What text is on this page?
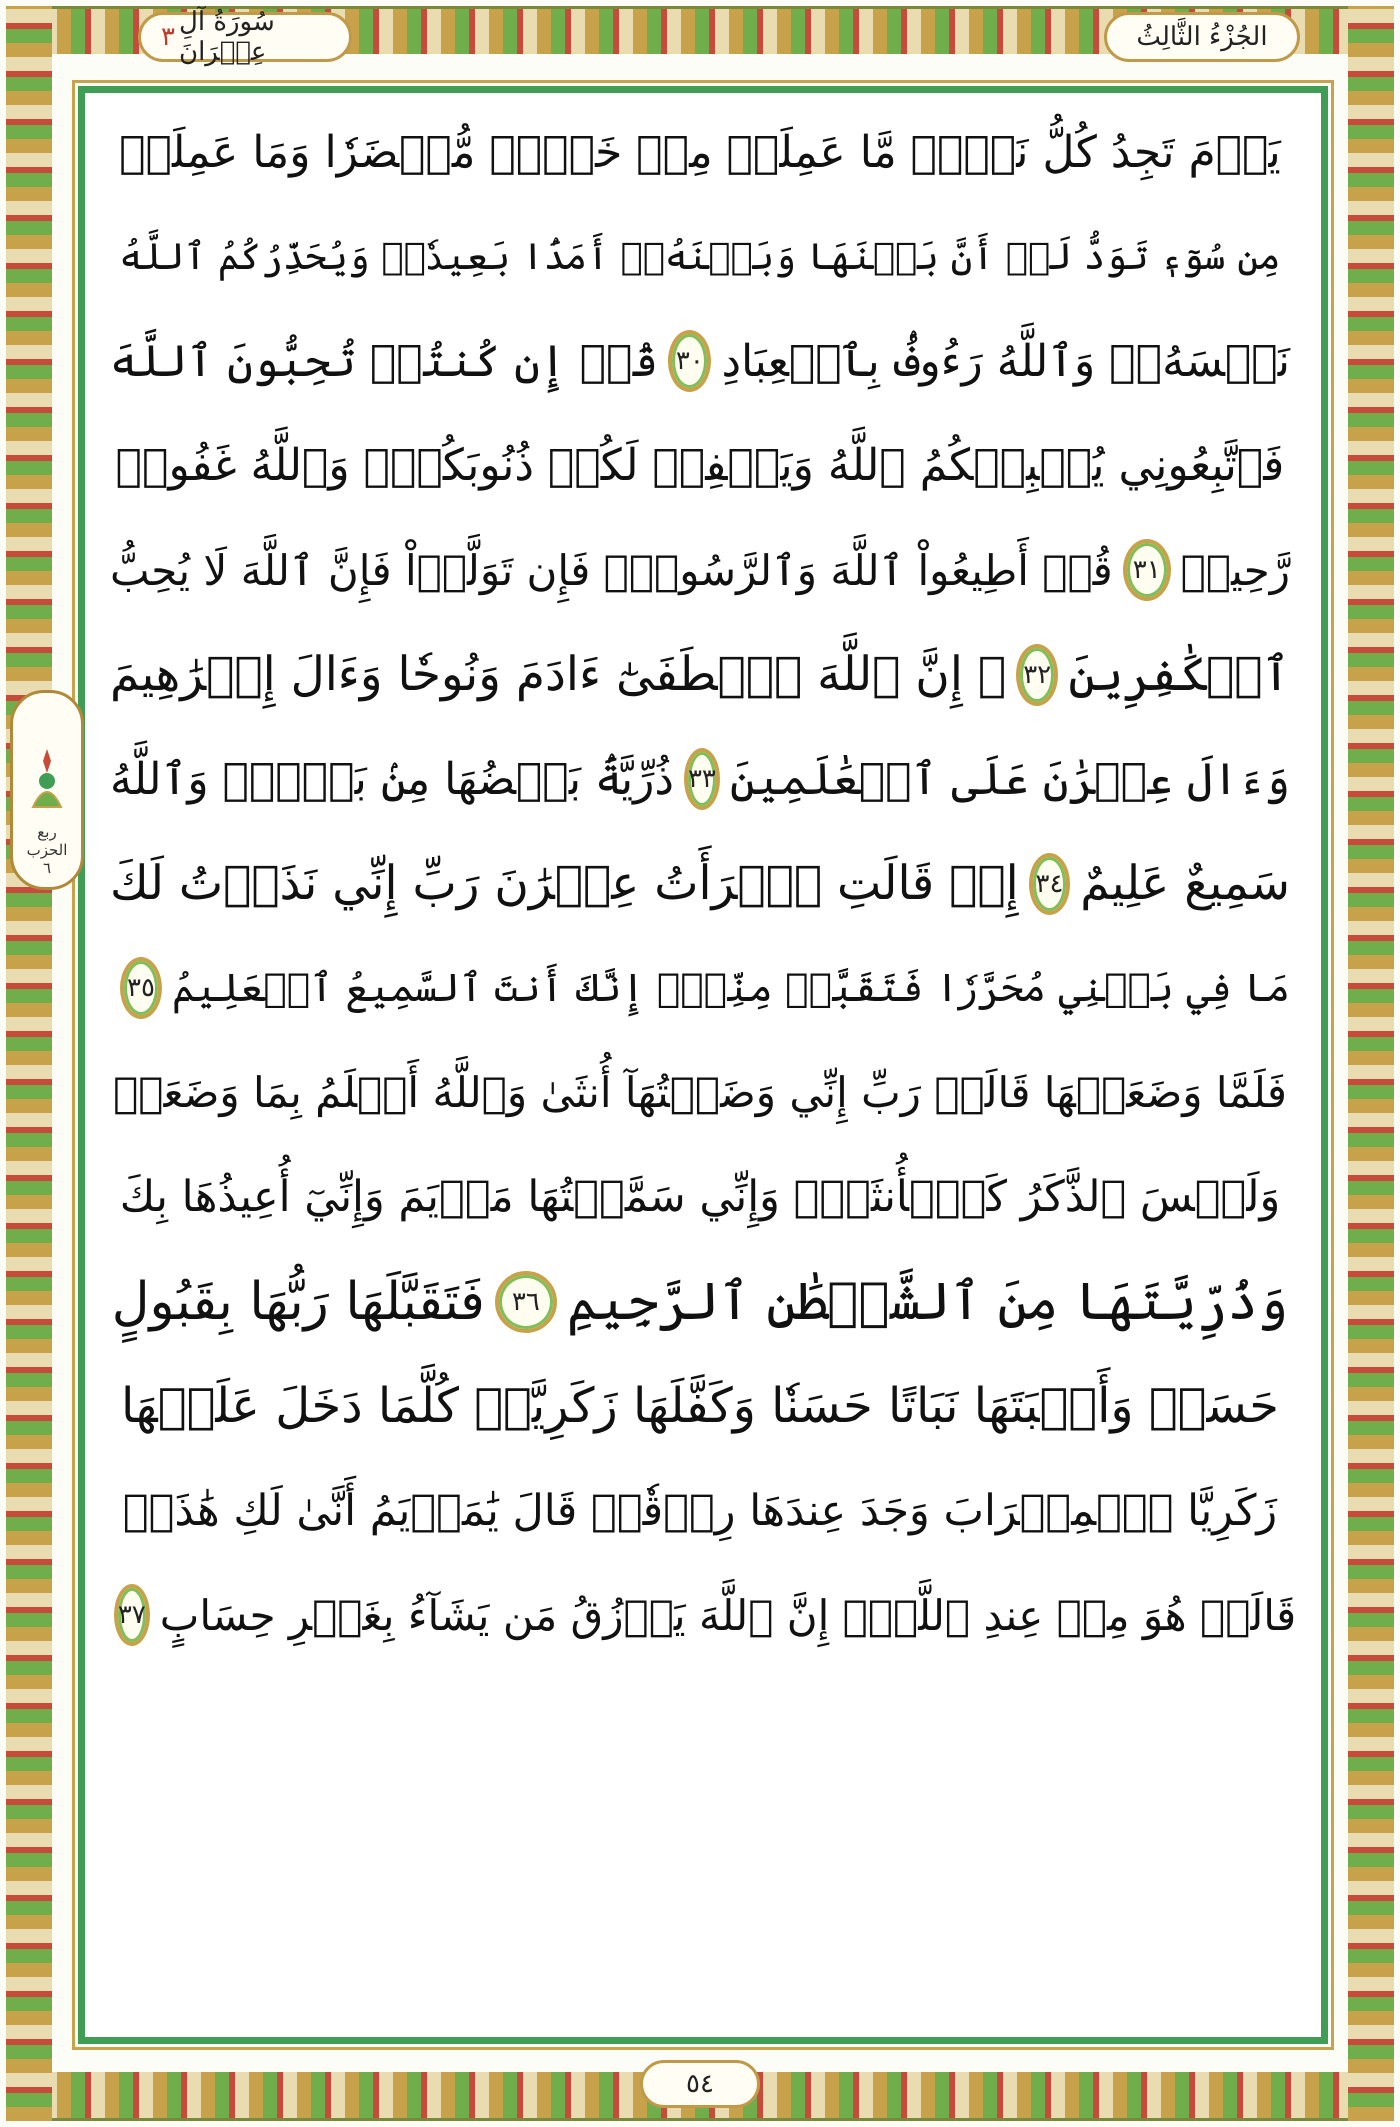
٣ سُورَةُ آلِ عِمۡرَانَ	الجُزْءُ الثَّالِثُ
ربع
الحزب
٦
يَوۡمَ تَجِدُ كُلُّ نَفۡسٖ مَّا عَمِلَتۡ مِنۡ خَيۡرٖ مُّحۡضَرٗا وَمَا عَمِلَتۡ
مِن سُوٓءٖ تَوَدُّ لَوۡ أَنَّ بَيۡنَهَا وَبَيۡنَهُۥٓ أَمَدَۢا بَعِيدٗاۗ وَيُحَذِّرُكُمُ ٱللَّهُ
نَفۡسَهُۥۗ وَٱللَّهُ رَءُوفُۢ بِٱلۡعِبَادِ
٣٠
قُلۡ إِن كُنتُمۡ تُحِبُّونَ ٱللَّهَ
فَٱتَّبِعُونِي يُحۡبِبۡكُمُ ٱللَّهُ وَيَغۡفِرۡ لَكُمۡ ذُنُوبَكُمۡۚ وَٱللَّهُ غَفُورٞ
رَّحِيمٞ
٣١
قُلۡ أَطِيعُواْ ٱللَّهَ وَٱلرَّسُولَۖ فَإِن تَوَلَّوۡاْ فَإِنَّ ٱللَّهَ لَا يُحِبُّ
ٱلۡكَٰفِرِينَ
٣٢
۞ إِنَّ ٱللَّهَ ٱصۡطَفَىٰٓ ءَادَمَ وَنُوحٗا وَءَالَ إِبۡرَٰهِيمَ
وَءَالَ عِمۡرَٰنَ عَلَى ٱلۡعَٰلَمِينَ
٣٣
ذُرِّيَّةَۢ بَعۡضُهَا مِنۢ بَعۡضٖۗ وَٱللَّهُ
سَمِيعٌ عَلِيمٌ
٣٤
إِذۡ قَالَتِ ٱمۡرَأَتُ عِمۡرَٰنَ رَبِّ إِنِّي نَذَرۡتُ لَكَ
مَا فِي بَطۡنِي مُحَرَّرٗا فَتَقَبَّلۡ مِنِّيٓۖ إِنَّكَ أَنتَ ٱلسَّمِيعُ ٱلۡعَلِيمُ
٣٥
فَلَمَّا وَضَعَتۡهَا قَالَتۡ رَبِّ إِنِّي وَضَعۡتُهَآ أُنثَىٰ وَٱللَّهُ أَعۡلَمُ بِمَا وَضَعَتۡ
وَلَيۡسَ ٱلذَّكَرُ كَٱلۡأُنثَىٰۖ وَإِنِّي سَمَّيۡتُهَا مَرۡيَمَ وَإِنِّيٓ أُعِيذُهَا بِكَ
وَذُرِّيَّتَهَا مِنَ ٱلشَّيۡطَٰنِ ٱلرَّجِيمِ
٣٦
فَتَقَبَّلَهَا رَبُّهَا بِقَبُولٍ
حَسَنٖ وَأَنۢبَتَهَا نَبَاتًا حَسَنٗا وَكَفَّلَهَا زَكَرِيَّاۖ كُلَّمَا دَخَلَ عَلَيۡهَا
زَكَرِيَّا ٱلۡمِحۡرَابَ وَجَدَ عِندَهَا رِزۡقٗاۖ قَالَ يَٰمَرۡيَمُ أَنَّىٰ لَكِ هَٰذَاۖ
قَالَتۡ هُوَ مِنۡ عِندِ ٱللَّهِۖ إِنَّ ٱللَّهَ يَرۡزُقُ مَن يَشَآءُ بِغَيۡرِ حِسَابٍ
٣٧
٥٤
